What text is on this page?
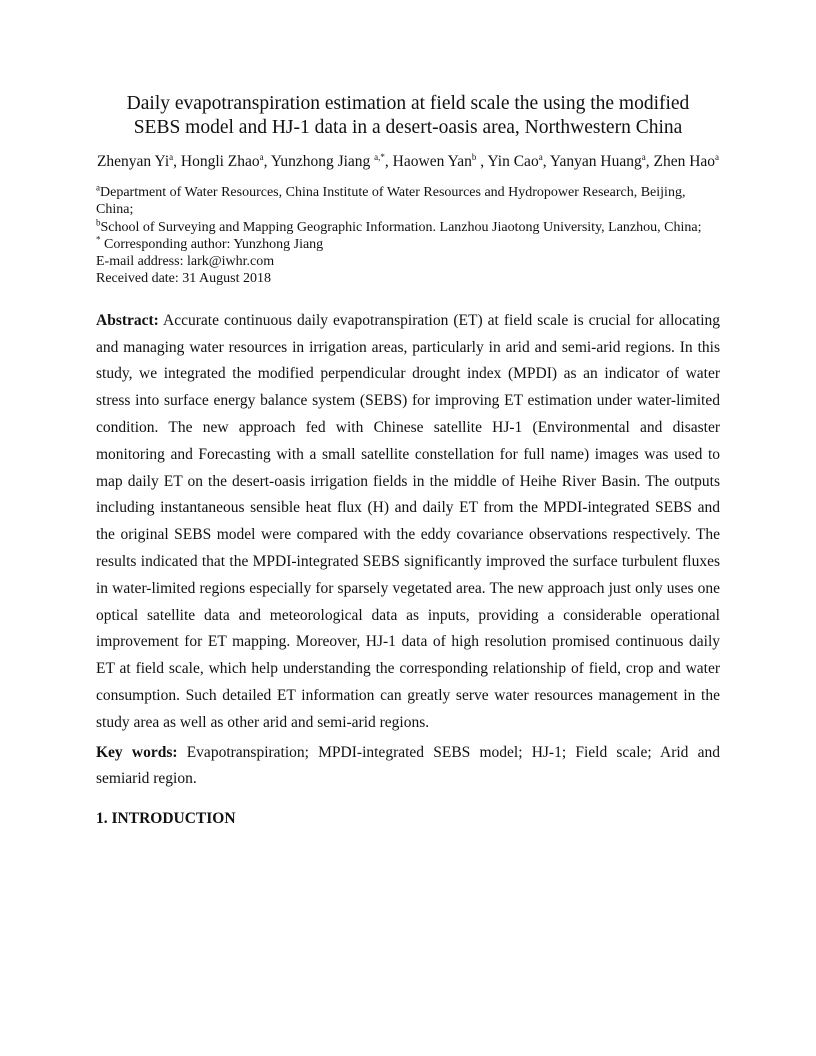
Daily evapotranspiration estimation at field scale the using the modified
SEBS model and HJ-1 data in a desert-oasis area, Northwestern China
Zhenyan Yi$^a$, Hongli Zhao$^a$, Yunzhong Jiang $^{a,*}$, Haowen Yan$^b$ , Yin Cao$^a$, Yanyan Huang$^a$, Zhen Hao$^a$

$^a$Department of Water Resources, China Institute of Water Resources and Hydropower Research, Beijing, China;

$^b$School of Surveying and Mapping Geographic Information. Lanzhou Jiaotong University, Lanzhou, China;

* Corresponding author: Yunzhong Jiang

E-mail address: lark@iwhr.com

Received date: 31 August 2018

Abstract: Accurate continuous daily evapotranspiration (ET) at field scale is crucial for allocating and managing water resources in irrigation areas, particularly in arid and semi-arid regions. In this study, we integrated the modified perpendicular drought index (MPDI) as an indicator of water stress into surface energy balance system (SEBS) for improving ET estimation under water-limited condition. The new approach fed with Chinese satellite HJ-1 (Environmental and disaster monitoring and Forecasting with a small satellite constellation for full name) images was used to map daily ET on the desert-oasis irrigation fields in the middle of Heihe River Basin. The outputs including instantaneous sensible heat flux (H) and daily ET from the MPDI-integrated SEBS and the original SEBS model were compared with the eddy covariance observations respectively. The results indicated that the MPDI-integrated SEBS significantly improved the surface turbulent fluxes in water-limited regions especially for sparsely vegetated area. The new approach just only uses one optical satellite data and meteorological data as inputs, providing a considerable operational improvement for ET mapping. Moreover, HJ-1 data of high resolution promised continuous daily ET at field scale, which help understanding the corresponding relationship of field, crop and water consumption. Such detailed ET information can greatly serve water resources management in the study area as well as other arid and semi-arid regions.

Key words: Evapotranspiration; MPDI-integrated SEBS model; HJ-1; Field scale; Arid and semiarid region.
1. INTRODUCTION
